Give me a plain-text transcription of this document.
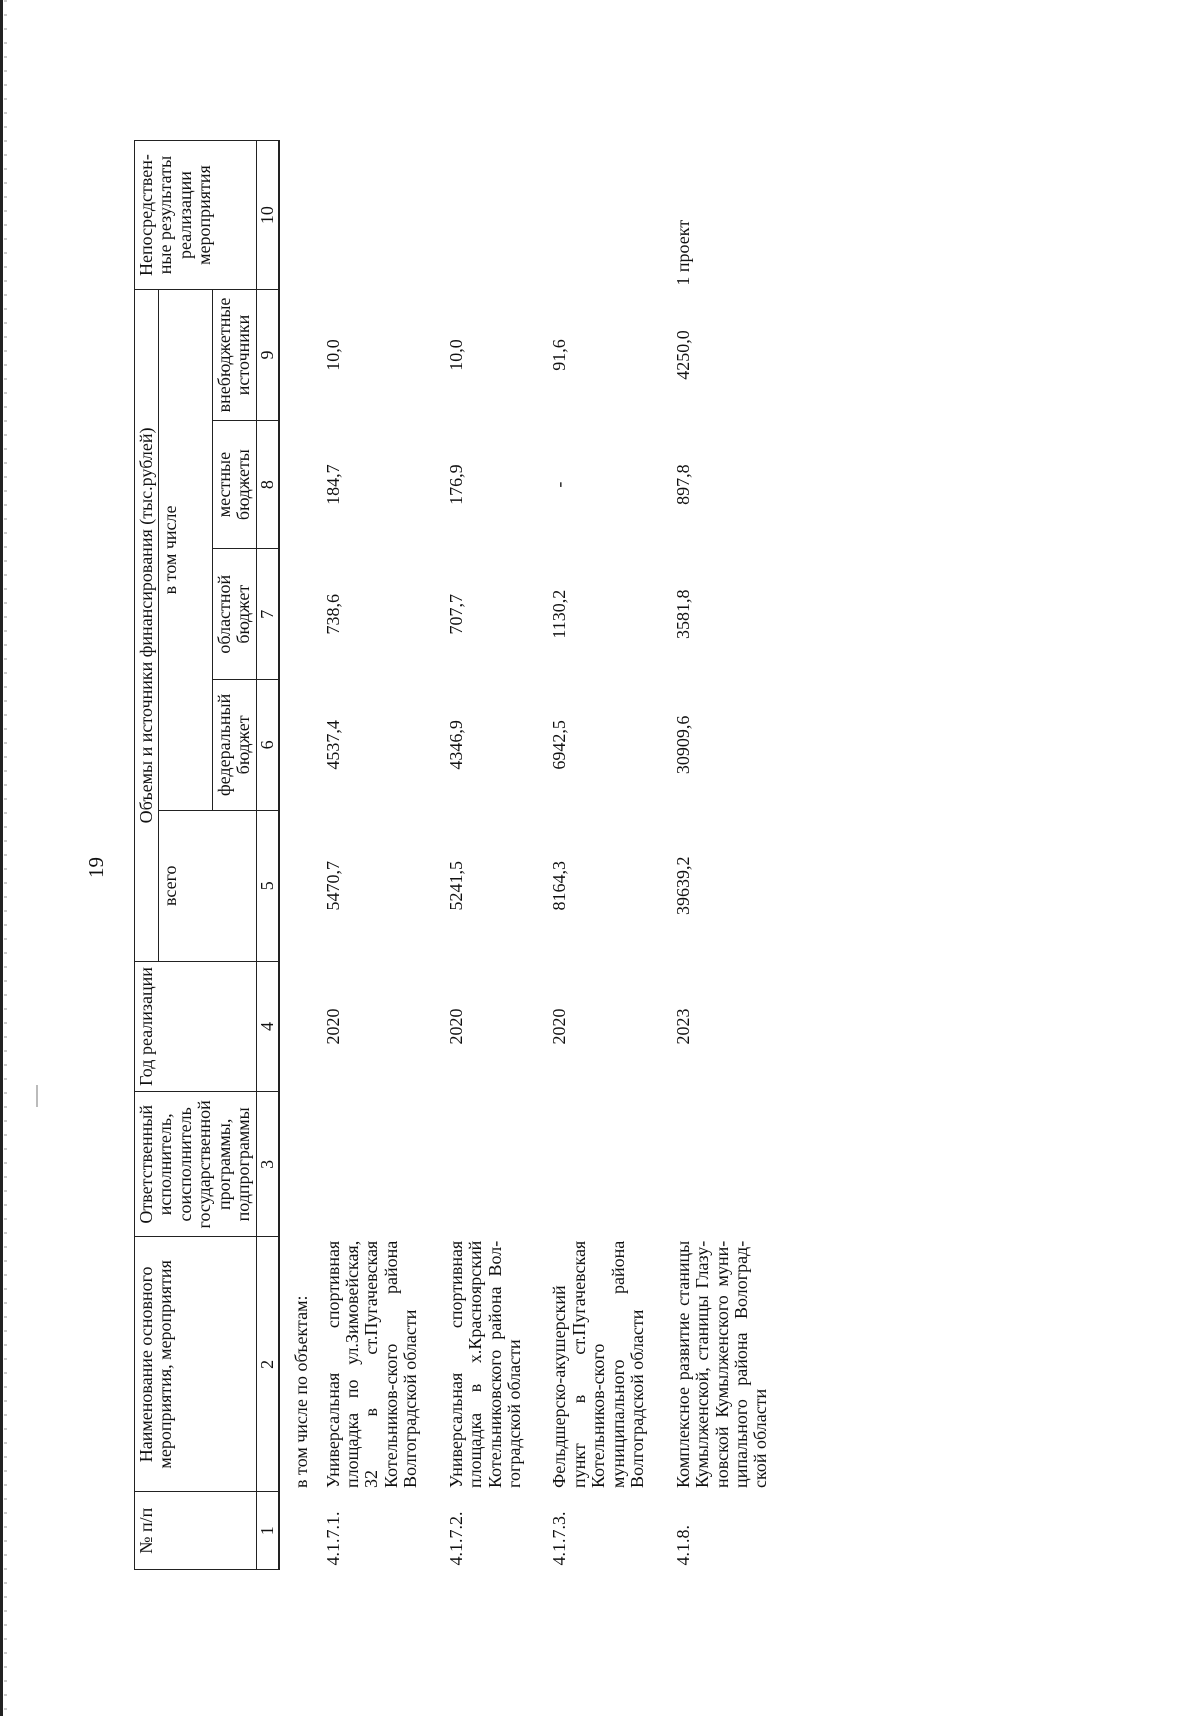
19
№ п/п	Наименование основного мероприятия, мероприятия	Ответственный исполнитель, соисполнитель государственной программы, подпрограммы	Год реализации	Объемы и источники финансирования (тыс.рублей)					Непосредствен-ные результаты реализации мероприятия
				всего	в том числе				
					федеральный бюджет	областной бюджет	местные бюджеты	внебюджетные источники	
1	2	3	4	5	6	7	8	9	10
	в том числе по объектам:								
4.1.7.1.	Универсальная спортивная площадка по ул.Зимовейская, 32 в ст.Пугачевская Котельников-ского района Волгоградской области		2020	5470,7	4537,4	738,6	184,7	10,0	
4.1.7.2.	Универсальная спортивная площадка в х.Краснoярский Котельниковского района Вол-гоградской области		2020	5241,5	4346,9	707,7	176,9	10,0	
4.1.7.3.	Фельдшерско-акушерский пункт в ст.Пугачевская Котельников-ского муниципального района Волгоградской области		2020	8164,3	6942,5	1130,2	-	91,6	
4.1.8.	Комплексное развитие станицы Кумылженской, станицы Глазу-новской Кумылженского муни-ципального района Волоград-ской области		2023	39639,2	30909,6	3581,8	897,8	4250,0	1 проект
